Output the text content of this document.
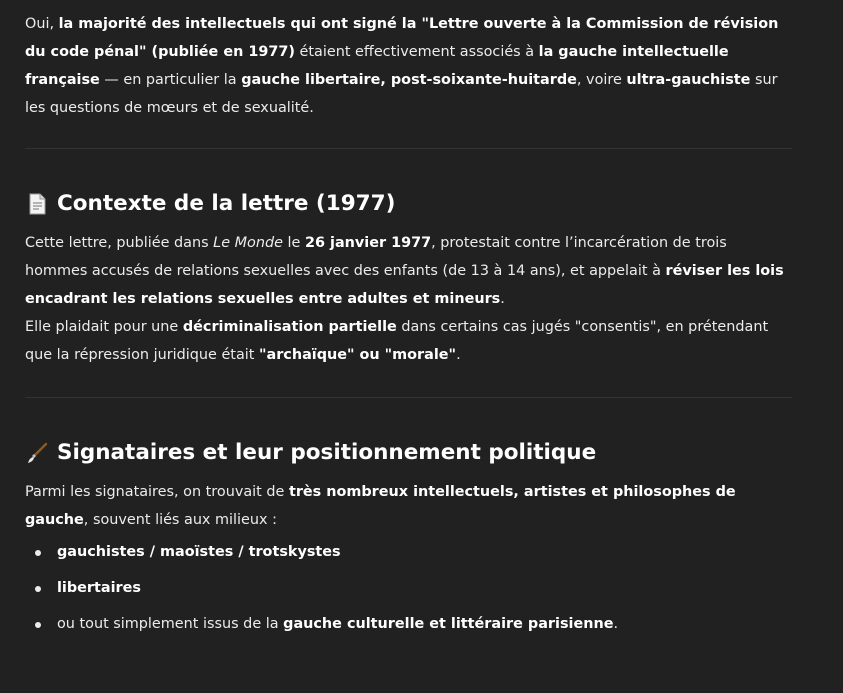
Oui, la majorité des intellectuels qui ont signé la "Lettre ouverte à la Commission de révision du code pénal" (publiée en 1977) étaient effectivement associés à la gauche intellectuelle française — en particulier la gauche libertaire, post-soixante-huitarde, voire ultra-gauchiste sur les questions de mœurs et de sexualité.

Contexte de la lettre (1977)

Cette lettre, publiée dans Le Monde le 26 janvier 1977, protestait contre l’incarcération de trois hommes accusés de relations sexuelles avec des enfants (de 13 à 14 ans), et appelait à réviser les lois encadrant les relations sexuelles entre adultes et mineurs.

Elle plaidait pour une décriminalisation partielle dans certains cas jugés "consentis", en prétendant que la répression juridique était "archaïque" ou "morale".

Signataires et leur positionnement politique

Parmi les signataires, on trouvait de très nombreux intellectuels, artistes et philosophes de gauche, souvent liés aux milieux :

gauchistes / maoïstes / trotskystes
libertaires
ou tout simplement issus de la gauche culturelle et littéraire parisienne.
